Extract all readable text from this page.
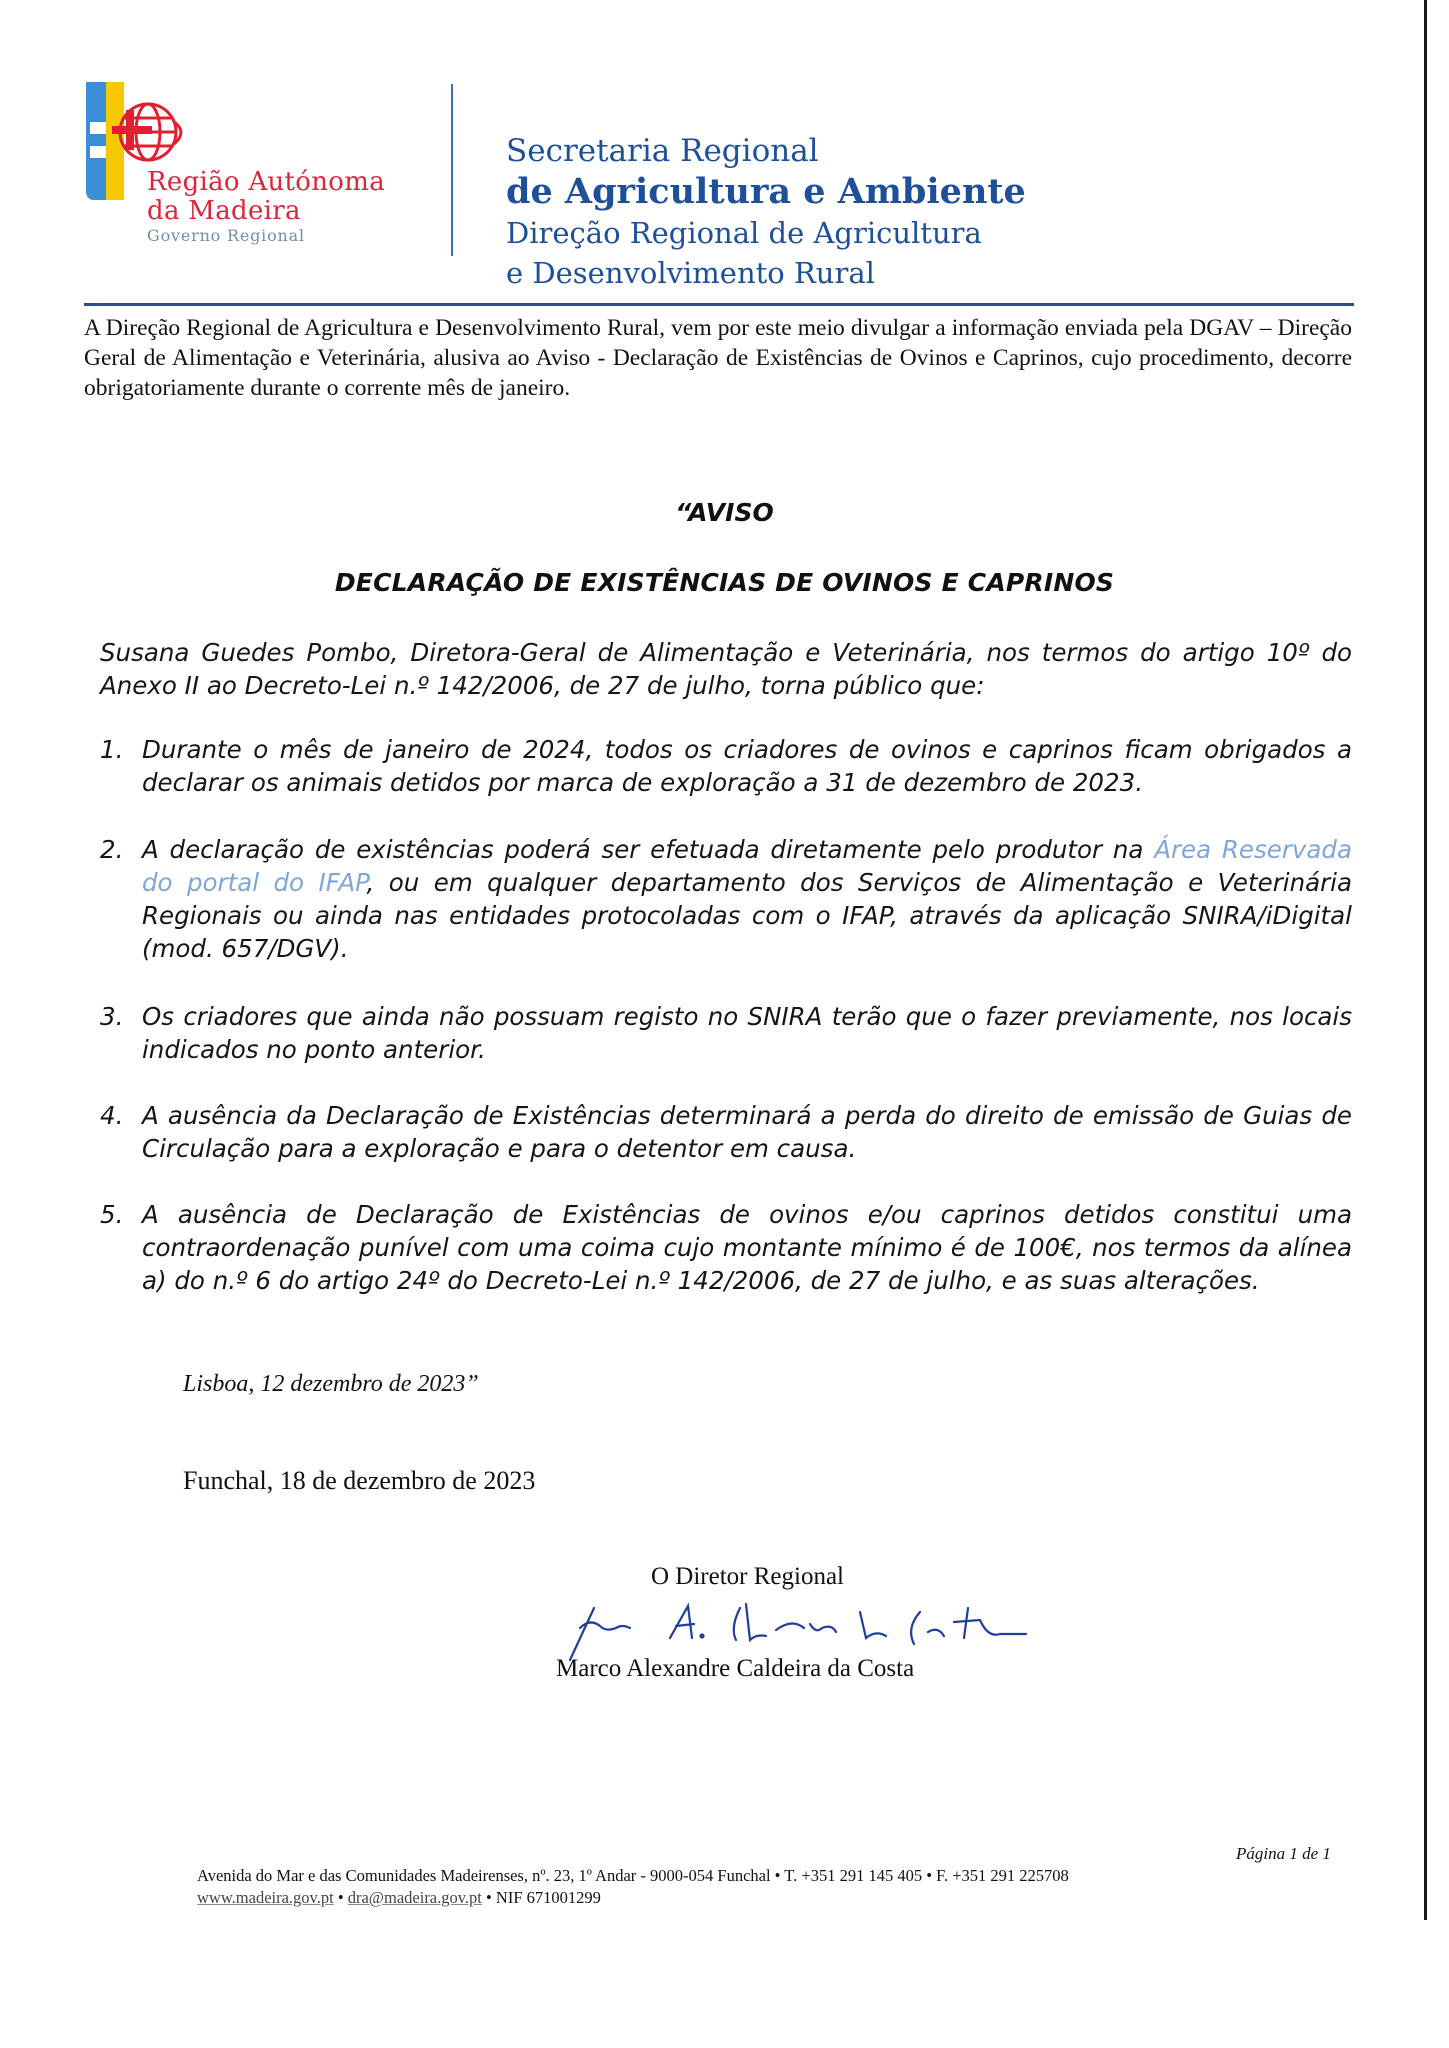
Região Autónoma
da Madeira
Governo Regional
Secretaria Regional
de Agricultura e Ambiente
Direção Regional de Agricultura
e Desenvolvimento Rural
A Direção Regional de Agricultura e Desenvolvimento Rural, vem por este meio divulgar a informação enviada pela DGAV – Direção Geral de Alimentação e Veterinária, alusiva ao Aviso - Declaração de Existências de Ovinos e Caprinos, cujo procedimento, decorre obrigatoriamente durante o corrente mês de janeiro.
“AVISO
DECLARAÇÃO DE EXISTÊNCIAS DE OVINOS E CAPRINOS
Susana Guedes Pombo, Diretora-Geral de Alimentação e Veterinária, nos termos do artigo 10º do Anexo II ao Decreto-Lei n.º 142/2006, de 27 de julho, torna público que:
1. Durante o mês de janeiro de 2024, todos os criadores de ovinos e caprinos ficam obrigados a declarar os animais detidos por marca de exploração a 31 de dezembro de 2023.
2. A declaração de existências poderá ser efetuada diretamente pelo produtor na Área Reservada do portal do IFAP, ou em qualquer departamento dos Serviços de Alimentação e Veterinária Regionais ou ainda nas entidades protocoladas com o IFAP, através da aplicação SNIRA/iDigital (mod. 657/DGV).
3. Os criadores que ainda não possuam registo no SNIRA terão que o fazer previamente, nos locais indicados no ponto anterior.
4. A ausência da Declaração de Existências determinará a perda do direito de emissão de Guias de Circulação para a exploração e para o detentor em causa.
5. A ausência de Declaração de Existências de ovinos e/ou caprinos detidos constitui uma contraordenação punível com uma coima cujo montante mínimo é de 100€, nos termos da alínea a) do n.º 6 do artigo 24º do Decreto-Lei n.º 142/2006, de 27 de julho, e as suas alterações.
Lisboa, 12 dezembro de 2023”
Funchal, 18 de dezembro de 2023
O Diretor Regional
Marco Alexandre Caldeira da Costa
Página 1 de 1
Avenida do Mar e das Comunidades Madeirenses, nº. 23, 1º Andar - 9000-054 Funchal • T. +351 291 145 405 • F. +351 291 225708
www.madeira.gov.pt • dra@madeira.gov.pt • NIF 671001299
